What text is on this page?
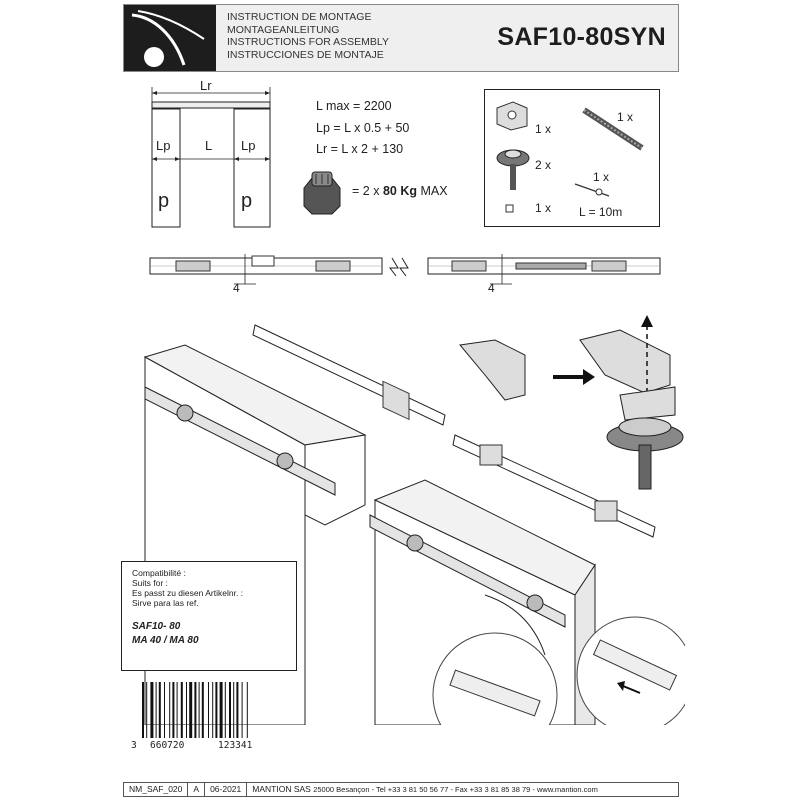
INSTRUCTION DE MONTAGE
MONTAGEANLEITUNG
INSTRUCTIONS FOR ASSEMBLY
INSTRUCCIONES DE MONTAJE
SAF10-80SYN
Lr
Lp	L Lp
p	p
L max = 2200
Lp = L x 0.5 + 50
Lr = L x 2 + 130
= 2 x 80 Kg MAX
1 x
1 x
2 x
1 x
1 x L = 10m
4	4
Compatibilité :
Suits for :
Es passt zu diesen Artikelnr. :
Sirve para las ref.
SAF10- 80
MA 40 / MA 80
3 660720	123341
NM_SAF_020	A	06-2021	MANTION SAS 25000 Besançon - Tel +33 3 81 50 56 77 - Fax +33 3 81 85 38 79 - www.mantion.com
